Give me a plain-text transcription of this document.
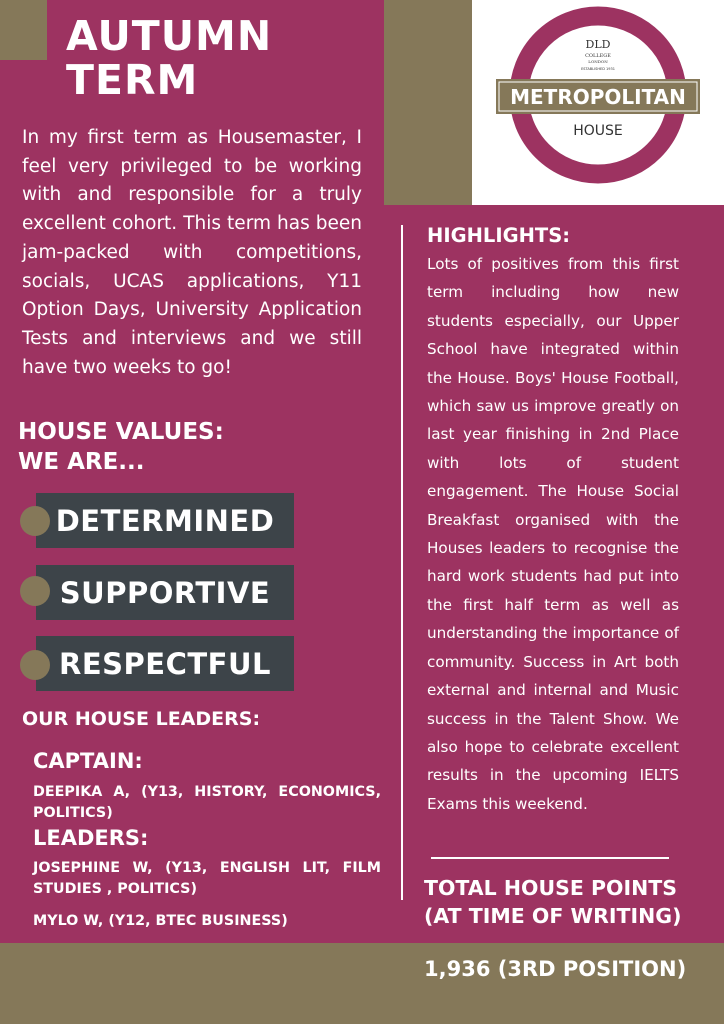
AUTUMN
TERM
In my first term as Housemaster, I feel very privileged to be working with and responsible for a truly excellent cohort. This term has been jam-packed with competitions, socials, UCAS applications, Y11 Option Days, University Application Tests and interviews and we still have two weeks to go!
HOUSE VALUES:
WE ARE...
DETERMINED
SUPPORTIVE
RESPECTFUL
OUR HOUSE LEADERS:
CAPTAIN:
DEEPIKA A, (Y13, HISTORY, ECONOMICS, POLITICS)
LEADERS:
JOSEPHINE W, (Y13, ENGLISH LIT, FILM STUDIES , POLITICS)
MYLO W, (Y12, BTEC BUSINESS)
DLD
COLLEGE
LONDON
ESTABLISHED 1931
METROPOLITAN
HOUSE
HIGHLIGHTS:
Lots of positives from this first term including how new students especially, our Upper School have integrated within the House. Boys' House Football, which saw us improve greatly on last year finishing in 2nd Place with lots of student engagement. The House Social Breakfast organised with the Houses leaders to recognise the hard work students had put into the first half term as well as understanding the importance of community. Success in Art both external and internal and Music success in the Talent Show. We also hope to celebrate excellent results in the upcoming IELTS Exams this weekend.
TOTAL HOUSE POINTS
(AT TIME OF WRITING)
1,936 (3RD POSITION)
